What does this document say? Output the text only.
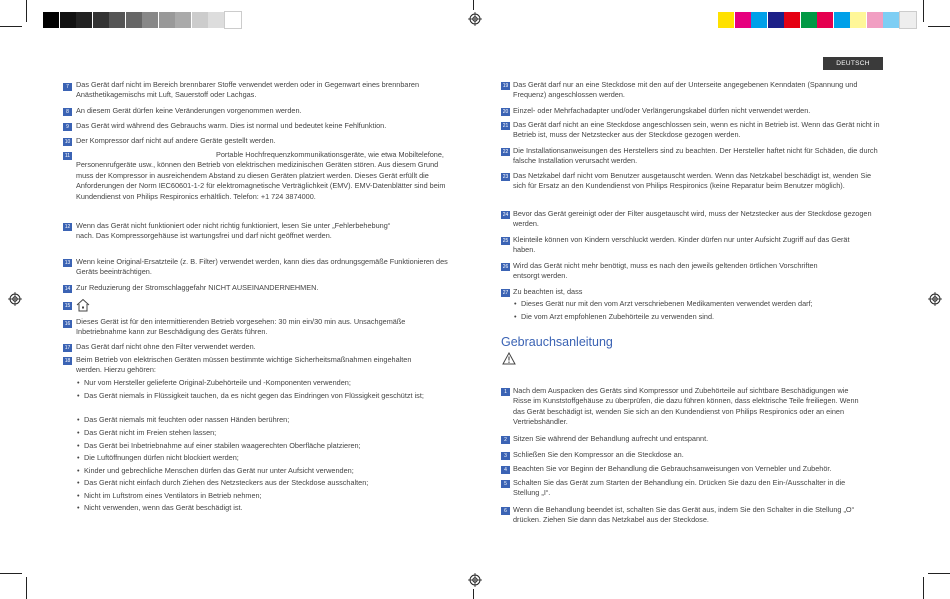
DEUTSCH
7 Das Gerät darf nicht im Bereich brennbarer Stoffe verwendet werden oder in Gegenwart eines brennbaren Anästhetikagemischs mit Luft, Sauerstoff oder Lachgas.
8 An diesem Gerät dürfen keine Veränderungen vorgenommen werden.
9 Das Gerät wird während des Gebrauchs warm. Dies ist normal und bedeutet keine Fehlfunktion.
10 Der Kompressor darf nicht auf andere Geräte gestellt werden.
11	Portable Hochfrequenzkommunikationsgeräte, wie etwa Mobiltelefone, Personenrufgeräte usw., können den Betrieb von elektrischen medizinischen Geräten stören. Aus diesem Grund muss der Kompressor in ausreichendem Abstand zu diesen Geräten platziert werden. Dieses Gerät erfüllt die Anforderungen der Norm IEC60601-1-2 für elektromagnetische Verträglichkeit (EMV). EMV-Datenblätter sind beim Kundendienst von Philips Respironics erhältlich. Telefon: +1 724 3874000.
12 Wenn das Gerät nicht funktioniert oder nicht richtig funktioniert, lesen Sie unter „Fehlerbehebung“ nach. Das Kompressorgehäuse ist wartungsfrei und darf nicht geöffnet werden.
13 Wenn keine Original-Ersatzteile (z. B. Filter) verwendet werden, kann dies das ordnungsgemäße Funktionieren des Geräts beeinträchtigen.
14 Zur Reduzierung der Stromschlaggefahr NICHT AUSEINANDERNEHMEN.
15
16 Dieses Gerät ist für den intermittierenden Betrieb vorgesehen: 30 min ein/30 min aus. Unsachgemäße Inbetriebnahme kann zur Beschädigung des Geräts führen.
17 Das Gerät darf nicht ohne den Filter verwendet werden.
18 Beim Betrieb von elektrischen Geräten müssen bestimmte wichtige Sicherheitsmaßnahmen eingehalten werden. Hierzu gehören:
• Nur vom Hersteller gelieferte Original-Zubehörteile und -Komponenten verwenden;
• Das Gerät niemals in Flüssigkeit tauchen, da es nicht gegen das Eindringen von Flüssigkeit geschützt ist;
• Das Gerät niemals mit feuchten oder nassen Händen berühren;
• Das Gerät nicht im Freien stehen lassen;
• Das Gerät bei Inbetriebnahme auf einer stabilen waagerechten Oberfläche platzieren;
• Die Luftöffnungen dürfen nicht blockiert werden;
• Kinder und gebrechliche Menschen dürfen das Gerät nur unter Aufsicht verwenden;
• Das Gerät nicht einfach durch Ziehen des Netzsteckers aus der Steckdose ausschalten;
• Nicht im Luftstrom eines Ventilators in Betrieb nehmen;
• Nicht verwenden, wenn das Gerät beschädigt ist.
19 Das Gerät darf nur an eine Steckdose mit den auf der Unterseite angegebenen Kenndaten (Spannung und Frequenz) angeschlossen werden.
20 Einzel- oder Mehrfachadapter und/oder Verlängerungskabel dürfen nicht verwendet werden.
21 Das Gerät darf nicht an eine Steckdose angeschlossen sein, wenn es nicht in Betrieb ist. Wenn das Gerät nicht in Betrieb ist, muss der Netzstecker aus der Steckdose gezogen werden.
22 Die Installationsanweisungen des Herstellers sind zu beachten. Der Hersteller haftet nicht für Schäden, die durch falsche Installation verursacht werden.
23 Das Netzkabel darf nicht vom Benutzer ausgetauscht werden. Wenn das Netzkabel beschädigt ist, wenden Sie sich für Ersatz an den Kundendienst von Philips Respironics (keine Reparatur beim Benutzer möglich).
24 Bevor das Gerät gereinigt oder der Filter ausgetauscht wird, muss der Netzstecker aus der Steckdose gezogen werden.
25 Kleinteile können von Kindern verschluckt werden. Kinder dürfen nur unter Aufsicht Zugriff auf das Gerät haben.
26 Wird das Gerät nicht mehr benötigt, muss es nach den jeweils geltenden örtlichen Vorschriften entsorgt werden.
27 Zu beachten ist, dass
• Dieses Gerät nur mit den vom Arzt verschriebenen Medikamenten verwendet werden darf;
• Die vom Arzt empfohlenen Zubehörteile zu verwenden sind.
Gebrauchsanleitung
1 Nach dem Auspacken des Geräts sind Kompressor und Zubehörteile auf sichtbare Beschädigungen wie Risse im Kunststoffgehäuse zu überprüfen, die dazu führen können, dass elektrische Teile freiliegen. Wenn das Gerät beschädigt ist, wenden Sie sich an den Kundendienst von Philips Respironics oder an einen Vertriebshändler.
2 Sitzen Sie während der Behandlung aufrecht und entspannt.
3 Schließen Sie den Kompressor an die Steckdose an.
4 Beachten Sie vor Beginn der Behandlung die Gebrauchsanweisungen von Vernebler und Zubehör.
5 Schalten Sie das Gerät zum Starten der Behandlung ein. Drücken Sie dazu den Ein-/Ausschalter in die Stellung „I“.
6 Wenn die Behandlung beendet ist, schalten Sie das Gerät aus, indem Sie den Schalter in die Stellung „O“ drücken. Ziehen Sie dann das Netzkabel aus der Steckdose.
